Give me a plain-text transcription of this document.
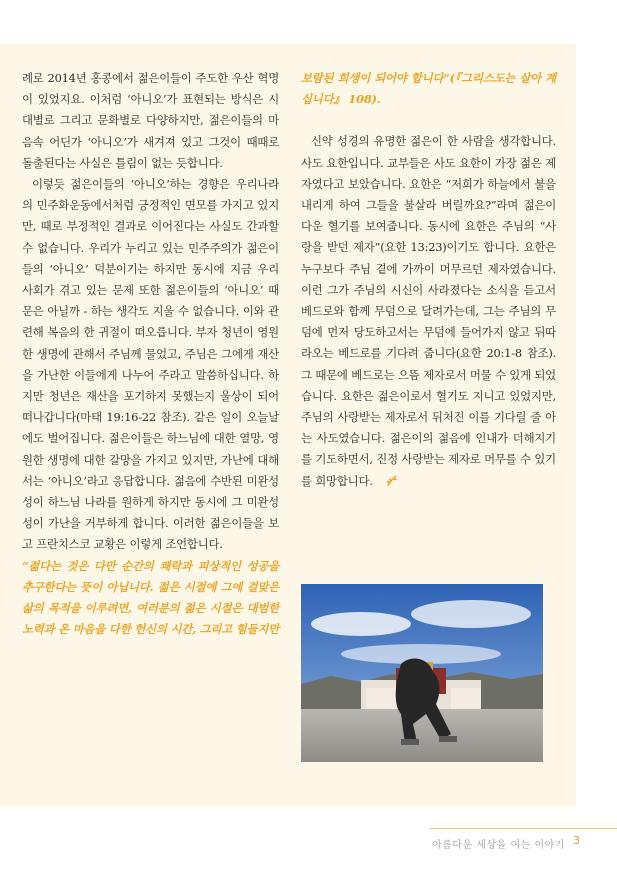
례로 2014년 홍콩에서 젊은이들이 주도한 우산 혁명이 있었지요. 이처럼 ‘아니오’가 표현되는 방식은 시대별로 그리고 문화별로 다양하지만, 젊은이들의 마음속 어딘가 ‘아니오’가 새겨져 있고 그것이 때때로 돌출된다는 사실은 틀림이 없는 듯합니다.

이렇듯 젊은이들의 ‘아니오’하는 경향은 우리나라의 민주화운동에서처럼 긍정적인 면모를 가지고 있지만, 때로 부정적인 결과로 이어진다는 사실도 간과할 수 없습니다. 우리가 누리고 있는 민주주의가 젊은이들의 ‘아니오’ 덕분이기는 하지만 동시에 지금 우리 사회가 겪고 있는 문제 또한 젊은이들의 ‘아니오’ 때문은 아닐까 - 하는 생각도 지울 수 없습니다. 이와 관련해 복음의 한 귀절이 떠오릅니다. 부자 청년이 영원한 생명에 관해서 주님께 물었고, 주님은 그에게 재산을 가난한 이들에게 나누어 주라고 말씀하십니다. 하지만 청년은 재산을 포기하지 못했는지 울상이 되어 떠나갑니다(마태 19:16-22 참조). 같은 일이 오늘날에도 벌어집니다. 젊은이들은 하느님에 대한 열망, 영원한 생명에 대한 갈망을 가지고 있지만, 가난에 대해서는 ‘아니오’라고 응답합니다. 젊음에 수반된 미완성성이 하느님 나라를 원하게 하지만 동시에 그 미완성성이 가난을 거부하게 합니다. 이러한 젊은이들을 보고 프란치스코 교황은 이렇게 조언합니다.

“젊다는 것은 다만 순간의 쾌락과 피상적인 성공을 추구한다는 뜻이 아닙니다. 젊은 시절에 그에 걸맞은 삶의 목적을 이루려면, 여러분의 젊은 시절은 대범한 노력과 온 마음을 다한 헌신의 시간, 그리고 힘들지만

보람된 희생이 되어야 합니다”(『그리스도는 살아 계십니다』 108).

신약 성경의 유명한 젊은이 한 사람을 생각합니다. 사도 요한입니다. 교부들은 사도 요한이 가장 젊은 제자였다고 보았습니다. 요한은 “저희가 하늘에서 불을 내리게 하여 그들을 불살라 버릴까요?”라며 젊은이다운 혈기를 보여줍니다. 동시에 요한은 주님의 “사랑을 받던 제자”(요한 13:23)이기도 합니다. 요한은 누구보다 주님 곁에 가까이 머무르던 제자였습니다. 이런 그가 주님의 시신이 사라졌다는 소식을 듣고서 베드로와 함께 무덤으로 달려가는데, 그는 주님의 무덤에 먼저 당도하고서는 무덤에 들어가지 않고 뒤따라오는 베드로를 기다려 줍니다(요한 20:1-8 참조). 그 때문에 베드로는 으뜸 제자로서 머물 수 있게 되었습니다. 요한은 젊은이로서 혈기도 지니고 있었지만, 주님의 사랑받는 제자로서 뒤처진 이를 기다릴 줄 아는 사도였습니다. 젊은이의 젊음에 인내가 더해지기를 기도하면서, 진정 사랑받는 제자로 머무를 수 있기를 희망합니다.

아름다운 세상을 여는 이야기 3
